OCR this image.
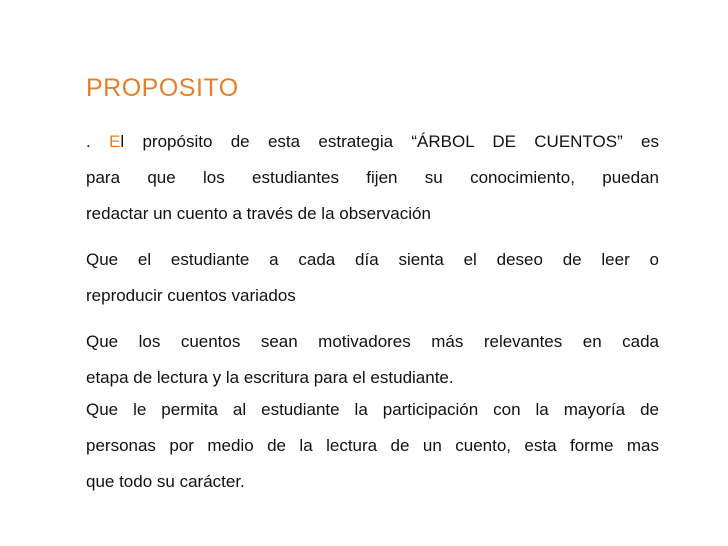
PROPOSITO

. El propósito de esta estrategia “ÁRBOL DE CUENTOS” es

para que los estudiantes fijen su conocimiento, puedan

redactar un cuento a través de la observación

Que el estudiante a cada día sienta el deseo de leer o

reproducir cuentos variados

Que los cuentos sean motivadores más relevantes en cada

etapa de lectura y la escritura para el estudiante.

Que le permita al estudiante la participación con la mayoría de

personas por medio de la lectura de un cuento, esta forme mas

que todo su carácter.
